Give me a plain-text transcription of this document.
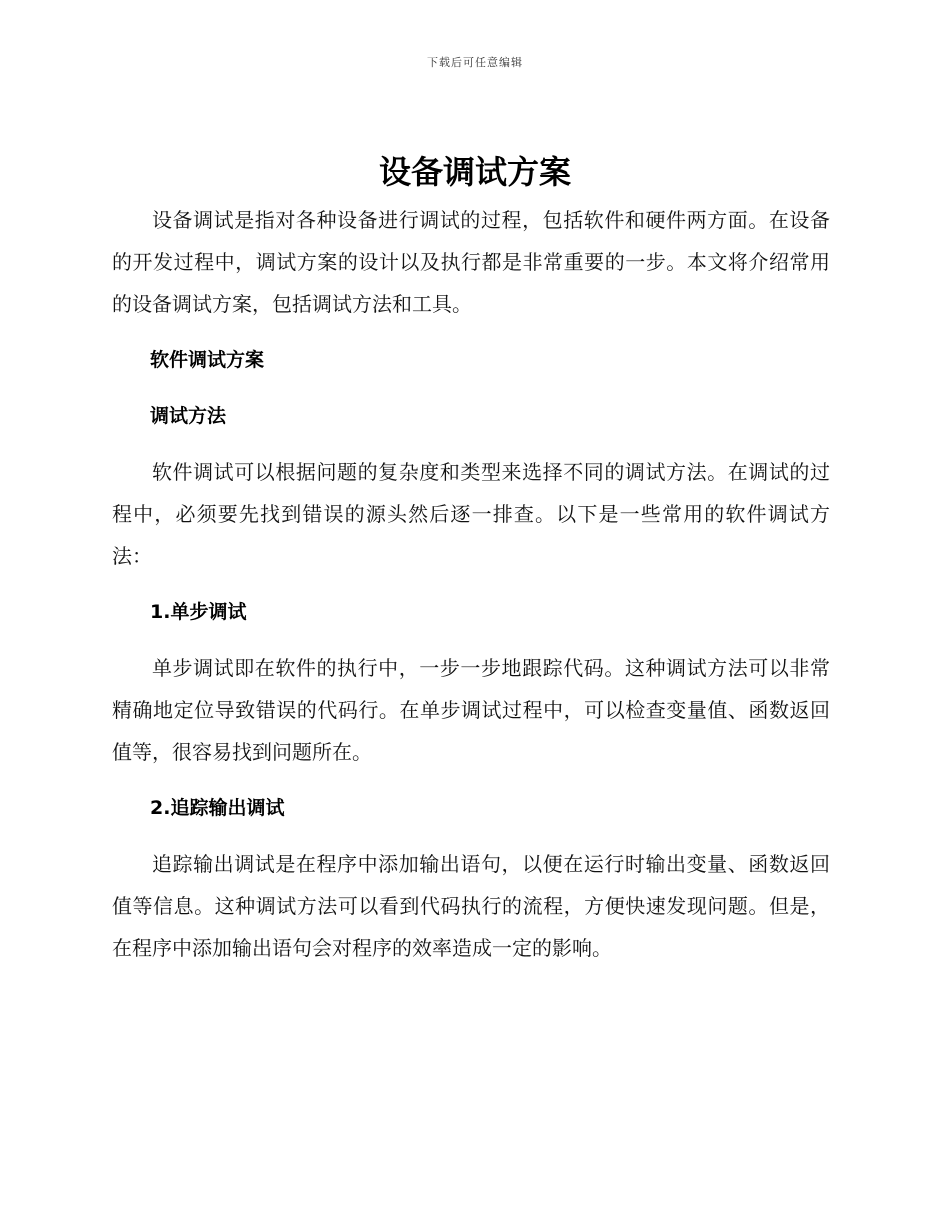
下载后可任意编辑
设备调试方案

设备调试是指对各种设备进行调试的过程，包括软件和硬件两方面。在设备的开发过程中，调试方案的设计以及执行都是非常重要的一步。本文将介绍常用的设备调试方案，包括调试方法和工具。

软件调试方案

调试方法

软件调试可以根据问题的复杂度和类型来选择不同的调试方法。在调试的过程中，必须要先找到错误的源头然后逐一排查。以下是一些常用的软件调试方法：

1.单步调试

单步调试即在软件的执行中，一步一步地跟踪代码。这种调试方法可以非常精确地定位导致错误的代码行。在单步调试过程中，可以检查变量值、函数返回值等，很容易找到问题所在。

2.追踪输出调试

追踪输出调试是在程序中添加输出语句，以便在运行时输出变量、函数返回值等信息。这种调试方法可以看到代码执行的流程，方便快速发现问题。但是，在程序中添加输出语句会对程序的效率造成一定的影响。
